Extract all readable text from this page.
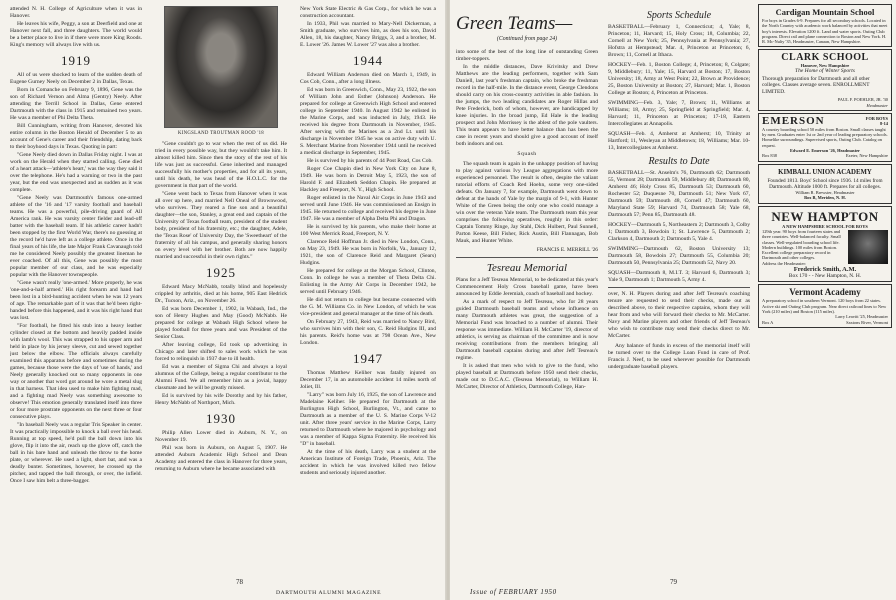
attended N. H. College of Agriculture when it was in Hanover.

He leaves his wife, Peggy, a son at Deerfield and one at Hanover next fall, and three daughters. The world would be a better place to live in if there were more King Roods. King's memory will always live with us.

1919

All of us were shocked to learn of the sudden death of Eugene Gurney Neely on December 2 in Dallas, Texas.

Born in Comanche on February 9, 1896, Gene was the son of Richard Vernon and Alma (Gentry) Neely. After attending the Terrill School in Dallas, Gene entered Dartmouth with the class in 1915 and remained two years. He was a member of Phi Delta Theta.

Bill Cunningham, writing from Hanover, devoted his entire column in the Boston Herald of December 5 to an account of Gene's career and their friendship, dating back to their boyhood days in Texas. Quoting in part:

"Gene Neely died down in Dallas Friday night. I was at work on the Herald when they started calling. Gene died of a heart attack—'athlete's heart,' was the way they said it over the telephone. He's had a warning or two in the past year, but the end was unexpected and as sudden as it was complete.

"Gene Neely was Dartmouth's famous one-armed athlete of the '16 and '17 varsity football and baseball teams. He was a powerful, pile-driving guard of All America rank. He was varsity center fielder and lead-off batter with the baseball team. If his athletic career hadn't been stopped by the first World War, there's no guessing at the record he'd have left as a college athlete. Once in the final years of his life, the late Major Frank Cavanaugh told me he considered Neely possibly the greatest lineman he ever coached. Of all this, Gene was possibly the most popular member of our class, and he was especially popular with the Hanover townspeople.

"Gene wasn't really 'one-armed.' More properly, he was 'one-and-a-half armed.' His right forearm and hand had been lost in a bird-hunting accident when he was 12 years of age. The remarkable part of it was that he'd been right-handed before this happened, and it was his right hand that was lost.

"For football, he fitted his stub into a heavy leather cylinder closed at the bottom and heavily padded inside with lamb's wool. This was strapped to his upper arm and held in place by his jersey sleeve, cut and sewed together just below the elbow. The officials always carefully examined this apparatus before and sometimes during the games, because those were the days of 'use of hands,' and Neely generally knocked out so many opponents in one way or another that word got around he wore a metal slug in that harness. That idea used to make him fighting mad, and a fighting mad Neely was something awesome to observe! This emotion generally translated itself into three or four more prostrate opponents on the next three or four consecutive plays.

"In baseball Neely was a regular Tris Speaker in center. It was practically impossible to knock a ball over his head. Running at top speed, he'd pull the ball down into his glove, flip it into the air, reach up the glove off, catch the ball in his bare hand and unleash the throw to the home plate, or wherever. He used a light, short bat, and was a deadly bunter. Sometimes, however, he crossed up the pitcher, and tapped the ball through, or over, the infield. Once I saw him belt a three-bagger.

KINGSLAND TROUTMAN ROOD '18

"Gene couldn't go to war when the rest of us did. He tried in every possible way, but they wouldn't take him. It almost killed him. Since then the story of the rest of his life was just as successful. Gene inherited and managed successfully his mother's properties, and for all its years, until his death, he was head of the H.O.L.C. for the government in that part of the world.

"Gene went back to Texas from Hanover when it was all over up here, and married Nell Oneal of Brownwood, who survives. They reared a fine son and a beautiful daughter—the son, Stanley, a great end and captain of the University of Texas football team, president of the student body, president of his fraternity, etc.; the daughter, Adele, the 'Texas Rose' of University Day, the 'Sweetheart' of the fraternity of all his campus, and generally sharing honors on every level with her brother. Both are now happily married and successful in their own rights."

1925

Edward Macy McNabb, totally blind and hopelessly crippled by arthritis, died at his home, 905 East Hedrick Dr., Tucson, Ariz., on November 26.

Ed was born December 1, 1902, in Wabash, Ind., the son of Henry Hughes and May (Good) McNabb. He prepared for college at Wabash High School where he played football for three years and was President of the Senior Class.

After leaving college, Ed took up advertising in Chicago and later shifted to sales work which he was forced to relinquish in 1937 due to ill health.

Ed was a member of Sigma Chi and always a loyal alumnus of the College, being a regular contributor to the Alumni Fund. We all remember him as a jovial, happy classmate and he will be greatly missed.

Ed is survived by his wife Dorothy and by his father, Henry McNabb of Northport, Mich.

1930

Philip Allen Lower died in Auburn, N. Y., on November 19.

Phil was born in Auburn, on August 5, 1907. He attended Auburn Academic High School and Dean Academy and entered the class in Hanover for three years, returning to Auburn where he became associated with

New York State Electric & Gas Corp., for which he was a construction accountant.

In 1933, Phil was married to Mary-Nell Dickerman, a Smith graduate, who survives him, as does his son, David Allen, 18, his daughter, Nancy Briggs, 3, and a brother, M. E. Lower '26. James W. Lower '27 was also a brother.

1944

Edward William Anderson died on March 1, 1949, in Cos Cob, Conn., after a long illness.

Ed was born in Greenwich, Conn., May 23, 1922, the son of William John and Esther (Johnson) Anderson. He prepared for college at Greenwich High School and entered college in September 1940. In August 1942 he enlisted in the Marine Corps, and was inducted in July, 1943. He received his degree from Dartmouth in November, 1945. After serving with the Marines as a 2nd Lt. until his discharge in November 1945 he was on active duty with U. S. Merchant Marine from November 1944 until he received a medical discharge in September, 1945.

He is survived by his parents of 44 Post Road, Cos Cob.

Roger Coe Chapin died in New York City on June 8, 1949. He was born in Detroit May 5, 1923, the son of Harold F. and Elizabeth Seddon Chapin. He prepared at Hackley and Freeport, N. Y., High School.

Roger enlisted in the Naval Air Corps in June 1943 and served until June 1946. He was commissioned an Ensign in 1945. He returned to college and received his degree in June 1947. He was a member of Alpha Delta Phi and Dragon.

He is survived by his parents, who make their home at 100 West Merrick Road, Freeport, N. Y.

Clarence Reid Hoffman Jr. died in New London, Conn., on May 23, 1949. He was born in Norfolk, Va., January 12, 1921, the son of Clarence Reid and Margaret (Sears) Hudgins.

He prepared for college at the Morgan School, Clinton, Conn. In college he was a member of Theta Delta Chi. Enlisting in the Army Air Corps in December 1942, he served until February 1946.

He did not return to college but became connected with the G. M. Williams Co. in New London, of which he was vice-president and general manager at the time of his death.

On February 27, 1943, Reid was married to Nancy Bird, who survives him with their son, C. Reid Hudgins III, and his parents. Reid's home was at 798 Ocean Ave., New London.

1947

Thomas Matthew Keliher was fatally injured on December 17, in an automobile accident 14 miles north of Joliet, Ill.

"Larry" was born July 16, 1925, the son of Lawrence and Madelaine Keliher. He prepared for Dartmouth at the Burlington High School, Burlington, Vt., and came to Dartmouth as a member of the U. S. Marine Corps V-12 unit. After three years' service in the Marine Corps, Larry returned to Dartmouth where he majored in psychology and was a member of Kappa Sigma Fraternity. He received his "D" in baseball.

At the time of his death, Larry was a student at the American Institute of Foreign Trade, Phoenix, Ariz. The accident in which he was involved killed two fellow students and seriously injured another.

78
DARTMOUTH ALUMNI MAGAZINE
Green Teams—
(Continued from page 24)

into some of the best of the long line of outstanding Green timber-toppers.

In the middle distances, Dave Krivitsky and Drew Matthews are the leading performers, together with Sam Daniell, last year's freshman captain, who broke the freshman record in the half-mile. In the distance event, George Clendons should carry on his cross-country activities in able fashion. In the jumps, the two leading candidates are Roger Hillas and Pete Frederick, both of whom, however, are handicapped by knee injuries. In the broad jump, Ed Hale is the leading prospect and John Morrissey is the ablest of the pole vaulters. This team appears to have better balance than has been the case in recent years and should give a good account of itself both indoors and out.

Squash

The squash team is again in the unhappy position of having to play against various Ivy League aggregations with more experienced personnel. The result is often, despite the valiant tutorial efforts of Coach Red Hoehn, some very one-sided defeats. On January 7, for example, Dartmouth went down to defeat at the hands of Yale by the margin of 9-1, with Hunter White of the Green being the only one who could manage a win over the veteran Yale team. The Dartmouth team this year comprises the following operatives, roughly in this order: Captain Tommy Ringe, Jay Stahl, Dick Hulbert, Paul Sunnell, Parton Keese, Bill Fisher, Rick Austin, Bill Flannagan, Bob Mauk, and Hunter White.

FRANCIS E. MERRILL '26
Tesreau Memorial

Plans for a Jeff Tesreau Memorial, to be dedicated at this year's Commencement Holy Cross baseball game, have been announced by Eddie Jeremiah, coach of baseball and hockey.

As a mark of respect to Jeff Tesreau, who for 28 years guided Dartmouth baseball teams and whose influence on many Dartmouth athletes was great, the suggestion of a Memorial Fund was broached to a number of alumni. Their response was immediate. William H. McCarter '19, director of athletics, is serving as chairman of the committee and is now receiving contributions from the members bringing all Dartmouth baseball captains during and after Jeff Tesreau's regime.

It is asked that men who wish to give to the fund, who played baseball at Dartmouth before 1950 send their checks, made out to D.C.A.C. (Tesreau Memorial), to William H. McCarter, Director of Athletics, Dartmouth College, Han-

Sports Schedule

BASKETBALL—February 1, Connecticut; 4, Yale; 8, Princeton; 11, Harvard; 15, Holy Cross; 18, Columbia; 22, Cornell at New York; 25, Pennsylvania at Pennsylvania; 27, Hofstra at Hempstead; Mar. 4, Princeton at Princeton; 6, Brown; 11, Cornell at Ithaca.

HOCKEY—Feb. 1, Boston College; 4, Princeton; 8, Colgate; 9, Middlebury; 11, Yale; 15, Harvard at Boston; 17, Boston University; 18, Army at West Point; 22, Brown at Providence; 25, Boston University at Boston; 27, Harvard; Mar. 1, Boston College at Boston; 4, Princeton at Princeton.

SWIMMING—Feb. 3, Yale; 7, Brown; 11, Williams at Williams; 18, Army; 25, Springfield at Springfield; Mar. 4, Harvard; 11, Princeton at Princeton; 17-18, Eastern Intercollegiates at Annapolis.

SQUASH—Feb. 4, Amherst at Amherst; 10, Trinity at Hartford; 11, Wesleyan at Middletown; 18, Williams; Mar. 10-13, Intercollegiates at Amherst.

Results to Date

BASKETBALL—St. Anselm's 76, Dartmouth 62; Dartmouth 55, Vermont 28; Dartmouth 59, Middlebury 48; Dartmouth 80, Amherst 46; Holy Cross 85, Dartmouth 53; Dartmouth 60, Rochester 52; Duquesne 70, Dartmouth 51; New York 67, Dartmouth 59; Dartmouth 48, Cornell 47; Dartmouth 60, Maryland State 59; Harvard 74, Dartmouth 58; Yale 68, Dartmouth 57; Penn 85, Dartmouth 48.

HOCKEY—Dartmouth 5, Northeastern 2; Dartmouth 3, Colby 1; Dartmouth 3, Bowdoin 1; St. Lawrence 5, Dartmouth 2; Clarkson 4, Dartmouth 2; Dartmouth 5, Yale 4.

SWIMMING—Dartmouth 62, Boston University 13; Dartmouth 58, Bowdoin 27; Dartmouth 55, Columbia 20; Dartmouth 50, Pennsylvania 25; Dartmouth 52, Navy 20.

SQUASH—Dartmouth 8, M.I.T. 3; Harvard 6, Dartmouth 3; Yale 9, Dartmouth 1; Dartmouth 5, Army 4.

over, N. H. Players during and after Jeff Tesreau's coaching tenure are requested to send their checks, made out as described above, to their respective captains, whom they will hear from and who will forward their checks to Mr. McCarter. Navy and Marine players and other friends of Jeff Tesreau's who wish to contribute may send their checks direct to Mr. McCarter.

Any balance of funds in excess of the memorial itself will be turned over to the College Loan Fund in care of Prof. Francis J. Neef, to be used wherever possible for Dartmouth undergraduate baseball players.

Issue of FEBRUARY 1950
79
Cardigan Mountain School
For boys in Grades 6-9. Prepares for all secondary schools. Located in the North Country with academic work balanced by activities that meet boy's interests. Elevation 1200 ft. Land and water sports. Outing Club program. Direct rail and plane connection to Boston and New York. H. R. Mc-Nulty '35, Headmaster, Canaan, New Hampshire.
CLARK SCHOOL
Hanover, New Hampshire
The Home of Winter Sports
Thorough preparation for Dartmouth and all other colleges. Classes average seven. ENROLLMENT LIMITED.
PAUL F. POEHLER, JR. '30
Headmaster
EMERSON	FOR BOYS 8-14
A country boarding school 50 miles from Boston. Small classes taught by men. Graduates enter 1st or 2nd year of leading preparatory schools. Homelike surroundings. Supervised sports, Outing Club. Catalog on request.
Edward E. Emerson '26, Headmaster
Box 838	Exeter, New Hampshire
KIMBALL UNION ACADEMY
Founded 1813. Boys' School since 1936. 14 miles from Dartmouth. Altitude 1000 ft. Prepares for all colleges.
William R. Brewster, Headmaster
Box B, Meriden, N. H.
NEW HAMPTON
A NEW HAMPSHIRE SCHOOL FOR BOYS
129th year. 90 boys from fourteen states and three countries. Well-balanced faculty. Small classes. Well-regulated boarding school life. Modern buildings. 100 miles from Boston. Excellent college preparatory record in Dartmouth and other colleges.
Address the Headmaster:
Frederick Smith, A.M.
Box 170 - - New Hampton, N. H.
Vermont Academy
A preparatory school in southern Vermont. 120 boys from 22 states. Active ski and Outing Club program. Near direct railroad lines to New York (210 miles) and Boston (115 miles).
Larry Leavitt '25, Headmaster
Box A	Saxtons River, Vermont
